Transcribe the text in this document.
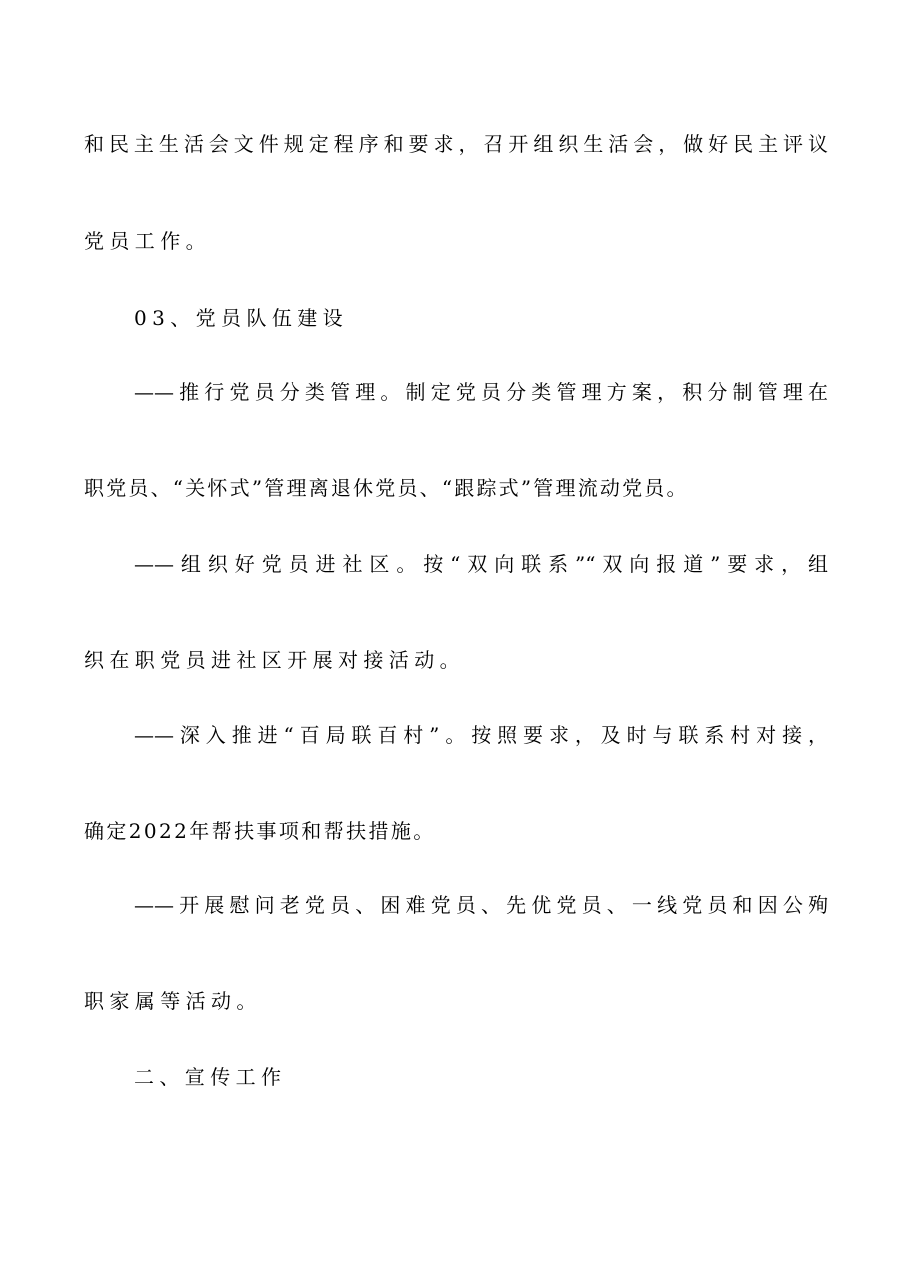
和民主生活会文件规定程序和要求，召开组织生活会，做好民主评议
党员工作。
03、党员队伍建设
——推行党员分类管理。制定党员分类管理方案，积分制管理在
职党员、“关怀式”管理离退休党员、“跟踪式”管理流动党员。
——组织好党员进社区。按“双向联系”“双向报道”要求，组
织在职党员进社区开展对接活动。
——深入推进“百局联百村”。按照要求，及时与联系村对接，
确定2022年帮扶事项和帮扶措施。
——开展慰问老党员、困难党员、先优党员、一线党员和因公殉
职家属等活动。
二、宣传工作
